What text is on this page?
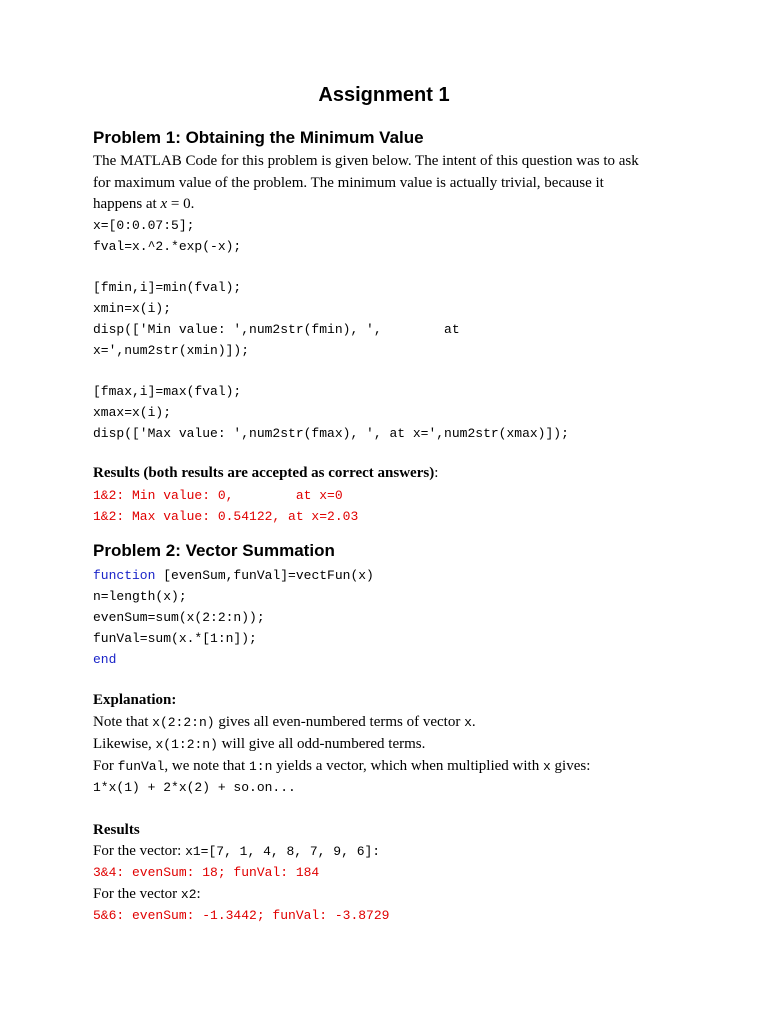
Assignment 1
Problem 1: Obtaining the Minimum Value
The MATLAB Code for this problem is given below. The intent of this question was to ask
for maximum value of the problem. The minimum value is actually trivial, because it
happens at x = 0.
x=[0:0.07:5];
fval=x.^2.*exp(-x);
[fmin,i]=min(fval);
xmin=x(i);
disp(['Min value: ',num2str(fmin), ',        at
x=',num2str(xmin)]);
[fmax,i]=max(fval);
xmax=x(i);
disp(['Max value: ',num2str(fmax), ', at x=',num2str(xmax)]);
Results (both results are accepted as correct answers):
1&2: Min value: 0,        at x=0
1&2: Max value: 0.54122, at x=2.03
Problem 2: Vector Summation
function [evenSum,funVal]=vectFun(x)
n=length(x);
evenSum=sum(x(2:2:n));
funVal=sum(x.*[1:n]);
end
Explanation:
Note that x(2:2:n) gives all even-numbered terms of vector x.
Likewise, x(1:2:n) will give all odd-numbered terms.
For funVal, we note that 1:n yields a vector, which when multiplied with x gives:
1*x(1) + 2*x(2) + so.on...
Results
For the vector: x1=[7, 1, 4, 8, 7, 9, 6]:
3&4: evenSum: 18; funVal: 184
For the vector x2:
5&6: evenSum: -1.3442; funVal: -3.8729
